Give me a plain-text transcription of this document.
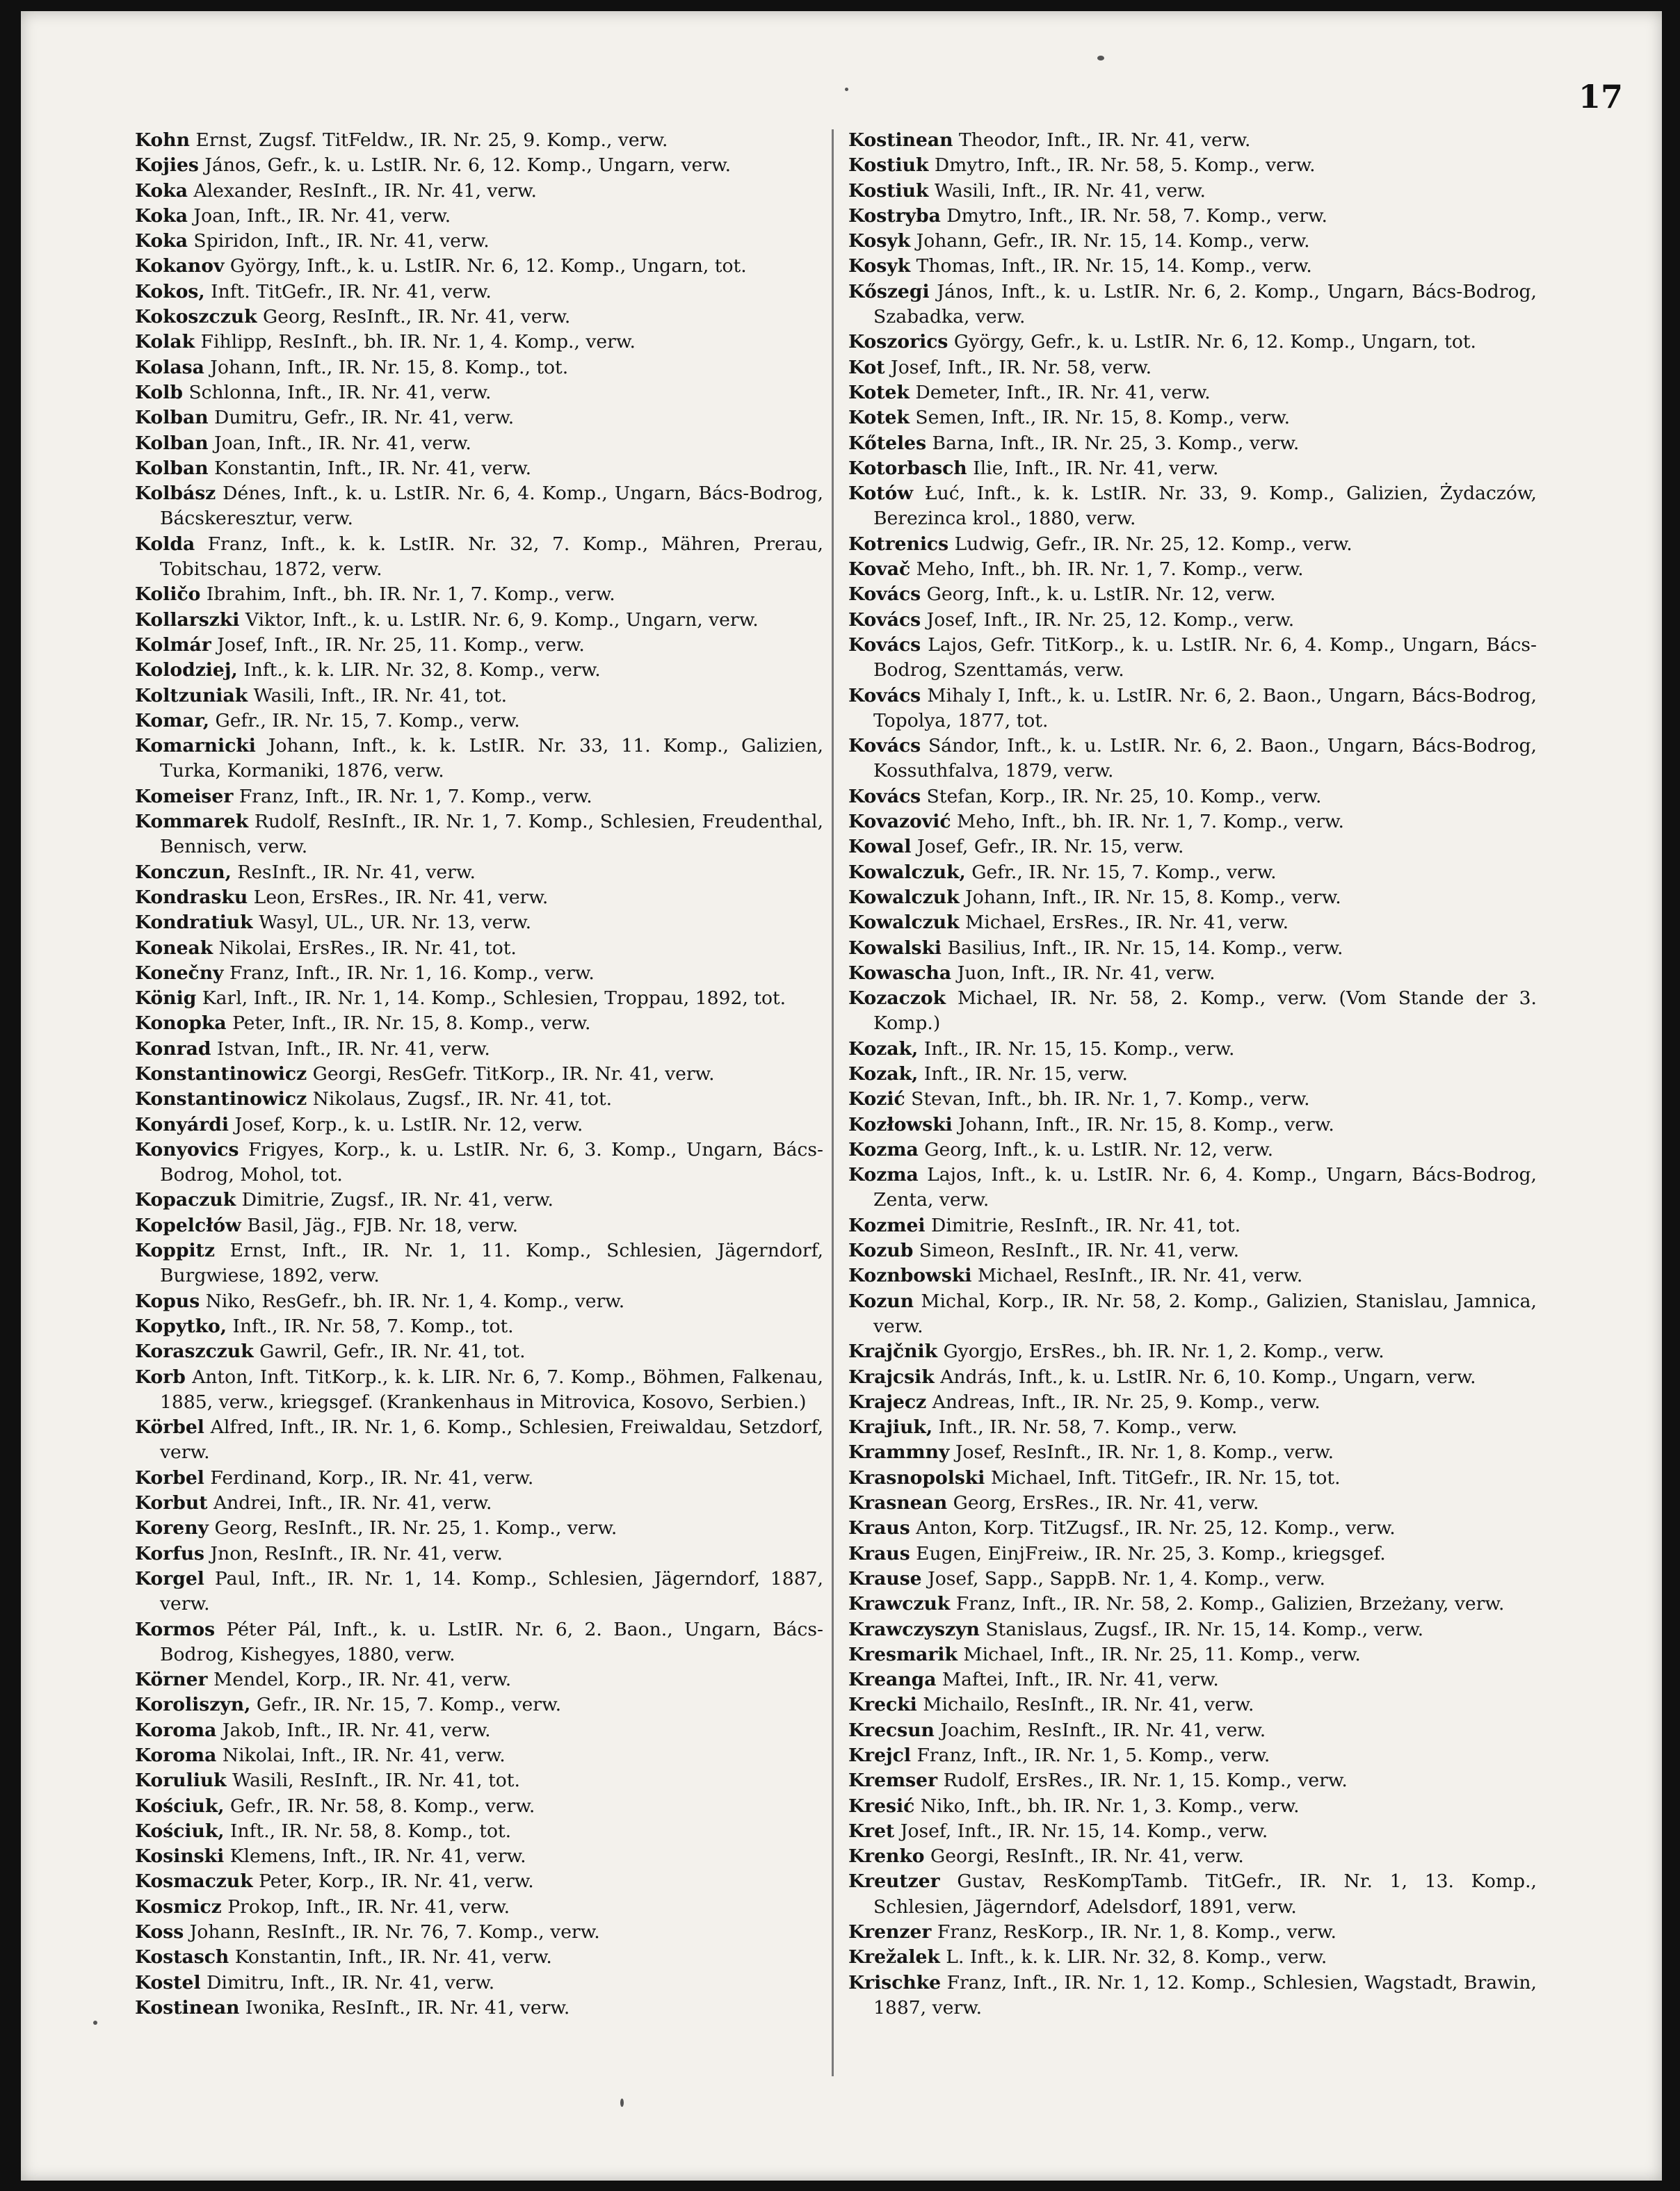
17

Kohn Ernst, Zugsf. TitFeldw., IR. Nr. 25, 9. Komp., verw.

Kojies János, Gefr., k. u. LstIR. Nr. 6, 12. Komp., Ungarn, verw.

Koka Alexander, ResInft., IR. Nr. 41, verw.

Koka Joan, Inft., IR. Nr. 41, verw.

Koka Spiridon, Inft., IR. Nr. 41, verw.

Kokanov György, Inft., k. u. LstIR. Nr. 6, 12. Komp., Ungarn, tot.

Kokos, Inft. TitGefr., IR. Nr. 41, verw.

Kokoszczuk Georg, ResInft., IR. Nr. 41, verw.

Kolak Fihlipp, ResInft., bh. IR. Nr. 1, 4. Komp., verw.

Kolasa Johann, Inft., IR. Nr. 15, 8. Komp., tot.

Kolb Schlonna, Inft., IR. Nr. 41, verw.

Kolban Dumitru, Gefr., IR. Nr. 41, verw.

Kolban Joan, Inft., IR. Nr. 41, verw.

Kolban Konstantin, Inft., IR. Nr. 41, verw.

Kolbász Dénes, Inft., k. u. LstIR. Nr. 6, 4. Komp., Ungarn, Bács-Bodrog, Bácskeresztur, verw.

Kolda Franz, Inft., k. k. LstIR. Nr. 32, 7. Komp., Mähren, Prerau, Tobitschau, 1872, verw.

Količo Ibrahim, Inft., bh. IR. Nr. 1, 7. Komp., verw.

Kollarszki Viktor, Inft., k. u. LstIR. Nr. 6, 9. Komp., Ungarn, verw.

Kolmár Josef, Inft., IR. Nr. 25, 11. Komp., verw.

Kolodziej, Inft., k. k. LIR. Nr. 32, 8. Komp., verw.

Koltzuniak Wasili, Inft., IR. Nr. 41, tot.

Komar, Gefr., IR. Nr. 15, 7. Komp., verw.

Komarnicki Johann, Inft., k. k. LstIR. Nr. 33, 11. Komp., Galizien, Turka, Kormaniki, 1876, verw.

Komeiser Franz, Inft., IR. Nr. 1, 7. Komp., verw.

Kommarek Rudolf, ResInft., IR. Nr. 1, 7. Komp., Schlesien, Freudenthal, Bennisch, verw.

Konczun, ResInft., IR. Nr. 41, verw.

Kondrasku Leon, ErsRes., IR. Nr. 41, verw.

Kondratiuk Wasyl, UL., UR. Nr. 13, verw.

Koneak Nikolai, ErsRes., IR. Nr. 41, tot.

Konečny Franz, Inft., IR. Nr. 1, 16. Komp., verw.

König Karl, Inft., IR. Nr. 1, 14. Komp., Schlesien, Troppau, 1892, tot.

Konopka Peter, Inft., IR. Nr. 15, 8. Komp., verw.

Konrad Istvan, Inft., IR. Nr. 41, verw.

Konstantinowicz Georgi, ResGefr. TitKorp., IR. Nr. 41, verw.

Konstantinowicz Nikolaus, Zugsf., IR. Nr. 41, tot.

Konyárdi Josef, Korp., k. u. LstIR. Nr. 12, verw.

Konyovics Frigyes, Korp., k. u. LstIR. Nr. 6, 3. Komp., Ungarn, Bács-Bodrog, Mohol, tot.

Kopaczuk Dimitrie, Zugsf., IR. Nr. 41, verw.

Kopelcłów Basil, Jäg., FJB. Nr. 18, verw.

Koppitz Ernst, Inft., IR. Nr. 1, 11. Komp., Schlesien, Jägerndorf, Burgwiese, 1892, verw.

Kopus Niko, ResGefr., bh. IR. Nr. 1, 4. Komp., verw.

Kopytko, Inft., IR. Nr. 58, 7. Komp., tot.

Koraszczuk Gawril, Gefr., IR. Nr. 41, tot.

Korb Anton, Inft. TitKorp., k. k. LIR. Nr. 6, 7. Komp., Böhmen, Falkenau, 1885, verw., kriegsgef. (Krankenhaus in Mitrovica, Kosovo, Serbien.)

Körbel Alfred, Inft., IR. Nr. 1, 6. Komp., Schlesien, Freiwaldau, Setzdorf, verw.

Korbel Ferdinand, Korp., IR. Nr. 41, verw.

Korbut Andrei, Inft., IR. Nr. 41, verw.

Koreny Georg, ResInft., IR. Nr. 25, 1. Komp., verw.

Korfus Jnon, ResInft., IR. Nr. 41, verw.

Korgel Paul, Inft., IR. Nr. 1, 14. Komp., Schlesien, Jägerndorf, 1887, verw.

Kormos Péter Pál, Inft., k. u. LstIR. Nr. 6, 2. Baon., Ungarn, Bács-Bodrog, Kishegyes, 1880, verw.

Körner Mendel, Korp., IR. Nr. 41, verw.

Koroliszyn, Gefr., IR. Nr. 15, 7. Komp., verw.

Koroma Jakob, Inft., IR. Nr. 41, verw.

Koroma Nikolai, Inft., IR. Nr. 41, verw.

Koruliuk Wasili, ResInft., IR. Nr. 41, tot.

Kościuk, Gefr., IR. Nr. 58, 8. Komp., verw.

Kościuk, Inft., IR. Nr. 58, 8. Komp., tot.

Kosinski Klemens, Inft., IR. Nr. 41, verw.

Kosmaczuk Peter, Korp., IR. Nr. 41, verw.

Kosmicz Prokop, Inft., IR. Nr. 41, verw.

Koss Johann, ResInft., IR. Nr. 76, 7. Komp., verw.

Kostasch Konstantin, Inft., IR. Nr. 41, verw.

Kostel Dimitru, Inft., IR. Nr. 41, verw.

Kostinean Iwonika, ResInft., IR. Nr. 41, verw.

Kostinean Theodor, Inft., IR. Nr. 41, verw.

Kostiuk Dmytro, Inft., IR. Nr. 58, 5. Komp., verw.

Kostiuk Wasili, Inft., IR. Nr. 41, verw.

Kostryba Dmytro, Inft., IR. Nr. 58, 7. Komp., verw.

Kosyk Johann, Gefr., IR. Nr. 15, 14. Komp., verw.

Kosyk Thomas, Inft., IR. Nr. 15, 14. Komp., verw.

Kőszegi János, Inft., k. u. LstIR. Nr. 6, 2. Komp., Ungarn, Bács-Bodrog, Szabadka, verw.

Koszorics György, Gefr., k. u. LstIR. Nr. 6, 12. Komp., Ungarn, tot.

Kot Josef, Inft., IR. Nr. 58, verw.

Kotek Demeter, Inft., IR. Nr. 41, verw.

Kotek Semen, Inft., IR. Nr. 15, 8. Komp., verw.

Kőteles Barna, Inft., IR. Nr. 25, 3. Komp., verw.

Kotorbasch Ilie, Inft., IR. Nr. 41, verw.

Kotów Łuć, Inft., k. k. LstIR. Nr. 33, 9. Komp., Galizien, Żydaczów, Berezinca krol., 1880, verw.

Kotrenics Ludwig, Gefr., IR. Nr. 25, 12. Komp., verw.

Kovač Meho, Inft., bh. IR. Nr. 1, 7. Komp., verw.

Kovács Georg, Inft., k. u. LstIR. Nr. 12, verw.

Kovács Josef, Inft., IR. Nr. 25, 12. Komp., verw.

Kovács Lajos, Gefr. TitKorp., k. u. LstIR. Nr. 6, 4. Komp., Ungarn, Bács-Bodrog, Szenttamás, verw.

Kovács Mihaly I, Inft., k. u. LstIR. Nr. 6, 2. Baon., Ungarn, Bács-Bodrog, Topolya, 1877, tot.

Kovács Sándor, Inft., k. u. LstIR. Nr. 6, 2. Baon., Ungarn, Bács-Bodrog, Kossuthfalva, 1879, verw.

Kovács Stefan, Korp., IR. Nr. 25, 10. Komp., verw.

Kovazović Meho, Inft., bh. IR. Nr. 1, 7. Komp., verw.

Kowal Josef, Gefr., IR. Nr. 15, verw.

Kowalczuk, Gefr., IR. Nr. 15, 7. Komp., verw.

Kowalczuk Johann, Inft., IR. Nr. 15, 8. Komp., verw.

Kowalczuk Michael, ErsRes., IR. Nr. 41, verw.

Kowalski Basilius, Inft., IR. Nr. 15, 14. Komp., verw.

Kowascha Juon, Inft., IR. Nr. 41, verw.

Kozaczok Michael, IR. Nr. 58, 2. Komp., verw. (Vom Stande der 3. Komp.)

Kozak, Inft., IR. Nr. 15, 15. Komp., verw.

Kozak, Inft., IR. Nr. 15, verw.

Kozić Stevan, Inft., bh. IR. Nr. 1, 7. Komp., verw.

Kozłowski Johann, Inft., IR. Nr. 15, 8. Komp., verw.

Kozma Georg, Inft., k. u. LstIR. Nr. 12, verw.

Kozma Lajos, Inft., k. u. LstIR. Nr. 6, 4. Komp., Ungarn, Bács-Bodrog, Zenta, verw.

Kozmei Dimitrie, ResInft., IR. Nr. 41, tot.

Kozub Simeon, ResInft., IR. Nr. 41, verw.

Koznbowski Michael, ResInft., IR. Nr. 41, verw.

Kozun Michal, Korp., IR. Nr. 58, 2. Komp., Galizien, Stanislau, Jamnica, verw.

Krajčnik Gyorgjo, ErsRes., bh. IR. Nr. 1, 2. Komp., verw.

Krajcsik András, Inft., k. u. LstIR. Nr. 6, 10. Komp., Ungarn, verw.

Krajecz Andreas, Inft., IR. Nr. 25, 9. Komp., verw.

Krajiuk, Inft., IR. Nr. 58, 7. Komp., verw.

Krammny Josef, ResInft., IR. Nr. 1, 8. Komp., verw.

Krasnopolski Michael, Inft. TitGefr., IR. Nr. 15, tot.

Krasnean Georg, ErsRes., IR. Nr. 41, verw.

Kraus Anton, Korp. TitZugsf., IR. Nr. 25, 12. Komp., verw.

Kraus Eugen, EinjFreiw., IR. Nr. 25, 3. Komp., kriegsgef.

Krause Josef, Sapp., SappB. Nr. 1, 4. Komp., verw.

Krawczuk Franz, Inft., IR. Nr. 58, 2. Komp., Galizien, Brzeżany, verw.

Krawczyszyn Stanislaus, Zugsf., IR. Nr. 15, 14. Komp., verw.

Kresmarik Michael, Inft., IR. Nr. 25, 11. Komp., verw.

Kreanga Maftei, Inft., IR. Nr. 41, verw.

Krecki Michailo, ResInft., IR. Nr. 41, verw.

Krecsun Joachim, ResInft., IR. Nr. 41, verw.

Krejcl Franz, Inft., IR. Nr. 1, 5. Komp., verw.

Kremser Rudolf, ErsRes., IR. Nr. 1, 15. Komp., verw.

Kresić Niko, Inft., bh. IR. Nr. 1, 3. Komp., verw.

Kret Josef, Inft., IR. Nr. 15, 14. Komp., verw.

Krenko Georgi, ResInft., IR. Nr. 41, verw.

Kreutzer Gustav, ResKompTamb. TitGefr., IR. Nr. 1, 13. Komp., Schlesien, Jägerndorf, Adelsdorf, 1891, verw.

Krenzer Franz, ResKorp., IR. Nr. 1, 8. Komp., verw.

Krežalek L. Inft., k. k. LIR. Nr. 32, 8. Komp., verw.

Krischke Franz, Inft., IR. Nr. 1, 12. Komp., Schlesien, Wagstadt, Brawin, 1887, verw.
